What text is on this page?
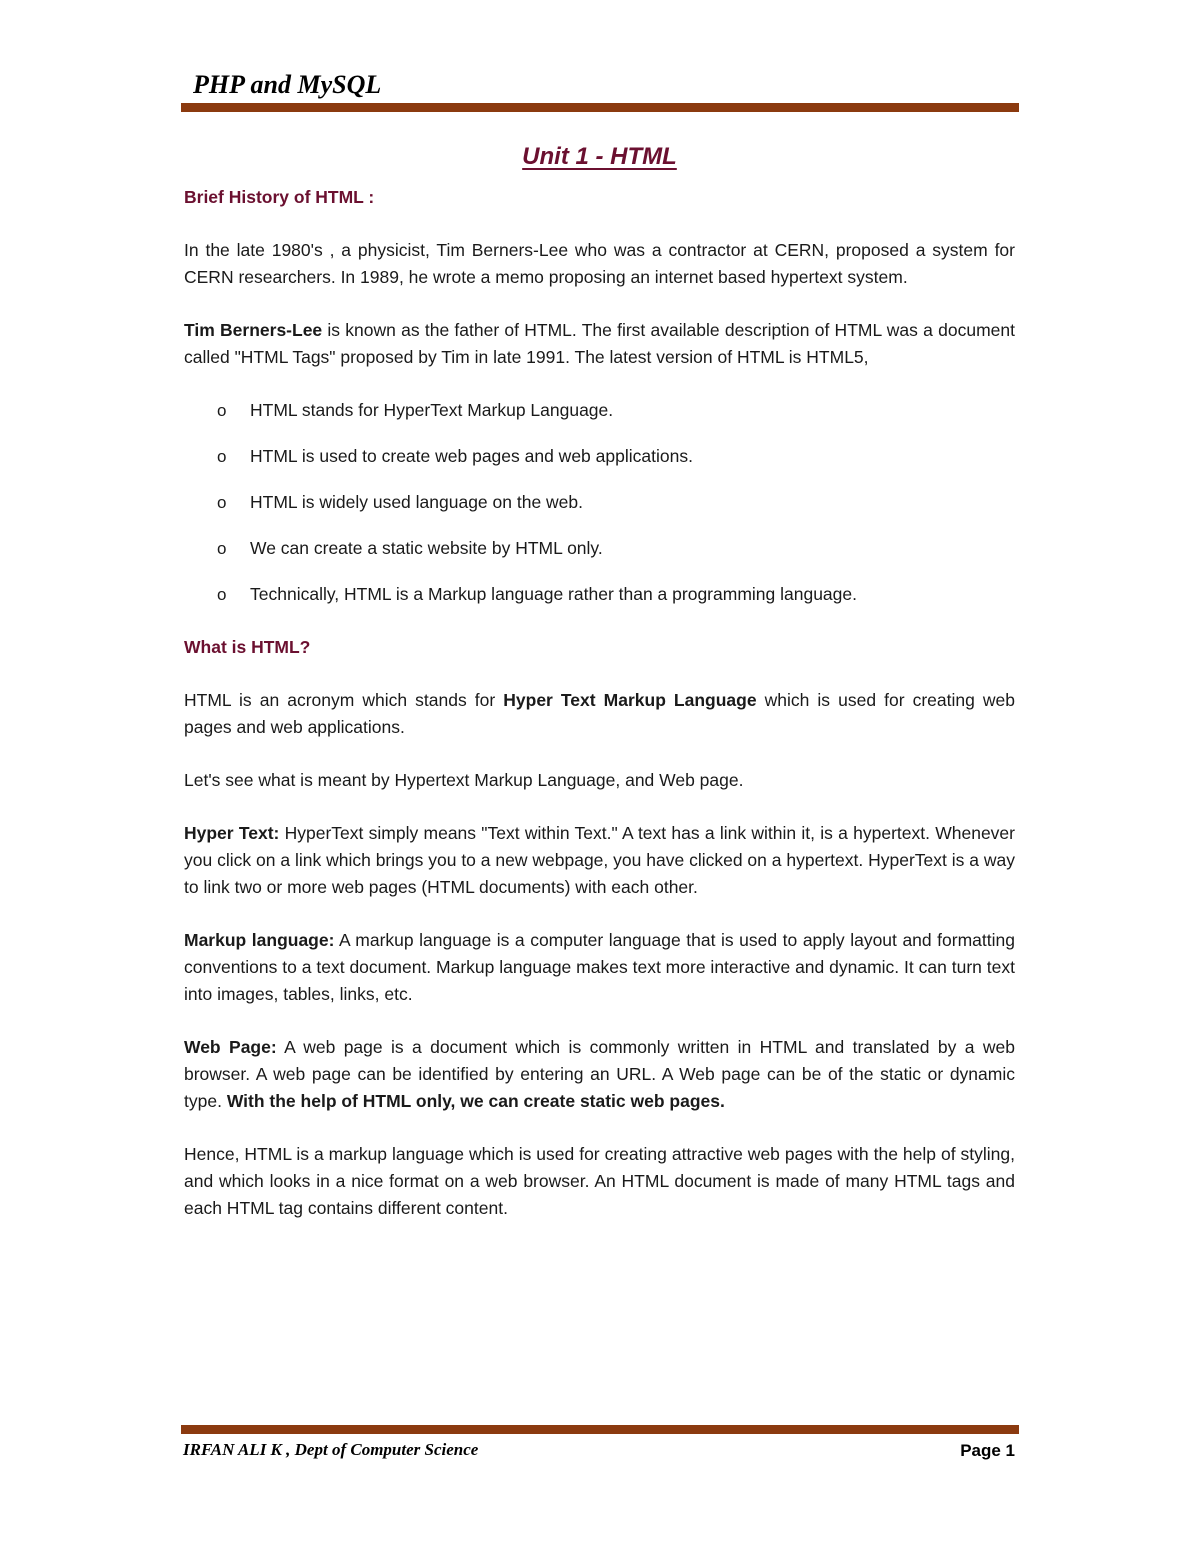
PHP and MySQL
Unit 1 - HTML
Brief History of HTML :

In the late 1980's , a physicist, Tim Berners-Lee who was a contractor at CERN, proposed a system for CERN researchers. In 1989, he wrote a memo proposing an internet based hypertext system.

Tim Berners-Lee is known as the father of HTML. The first available description of HTML was a document called "HTML Tags" proposed by Tim in late 1991. The latest version of HTML is HTML5,

o HTML stands for HyperText Markup Language.
o HTML is used to create web pages and web applications.
o HTML is widely used language on the web.
o We can create a static website by HTML only.
o Technically, HTML is a Markup language rather than a programming language.
What is HTML?

HTML is an acronym which stands for Hyper Text Markup Language which is used for creating web pages and web applications.

Let's see what is meant by Hypertext Markup Language, and Web page.

Hyper Text: HyperText simply means "Text within Text." A text has a link within it, is a hypertext. Whenever you click on a link which brings you to a new webpage, you have clicked on a hypertext. HyperText is a way to link two or more web pages (HTML documents) with each other.

Markup language: A markup language is a computer language that is used to apply layout and formatting conventions to a text document. Markup language makes text more interactive and dynamic. It can turn text into images, tables, links, etc.

Web Page: A web page is a document which is commonly written in HTML and translated by a web browser. A web page can be identified by entering an URL. A Web page can be of the static or dynamic type. With the help of HTML only, we can create static web pages.

Hence, HTML is a markup language which is used for creating attractive web pages with the help of styling, and which looks in a nice format on a web browser. An HTML document is made of many HTML tags and each HTML tag contains different content.

IRFAN ALI K , Dept of Computer Science	Page 1
